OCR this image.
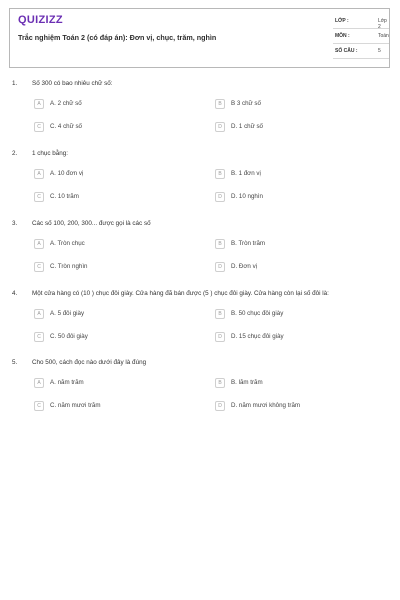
QUIZIZZ
Trắc nghiệm Toán 2 (có đáp án): Đơn vị, chục, trăm, nghìn
LỚP :	Lớp 2
MÔN :	Toán
SỐ CÂU :	5
1. Số 300 có bao nhiêu chữ số:
A	A. 2 chữ số	B	B 3 chữ số
C	C. 4 chữ số	D	D. 1 chữ số
2. 1 chục bằng:
A	A. 10 đơn vị	B	B. 1 đơn vị
C	C. 10 trăm	D	D. 10 nghìn
3. Các số 100, 200, 300... được gọi là các số
A	A. Tròn chục	B	B. Tròn trăm
C	C. Tròn nghìn	D	D. Đơn vị
4. Một cửa hàng có (10 ) chục đôi giày. Cửa hàng đã bán được (5 ) chục đôi giày. Cửa hàng còn lại số đôi là:
A	A. 5 đôi giày	B	B. 50 chục đôi giày
C	C. 50 đôi giày	D	D. 15 chục đôi giày
5. Cho 500, cách đọc nào dưới đây là đúng
A	A. năm trăm	B	B. lăm trăm
C	C. năm mươi trăm	D	D. năm mươi không trăm
